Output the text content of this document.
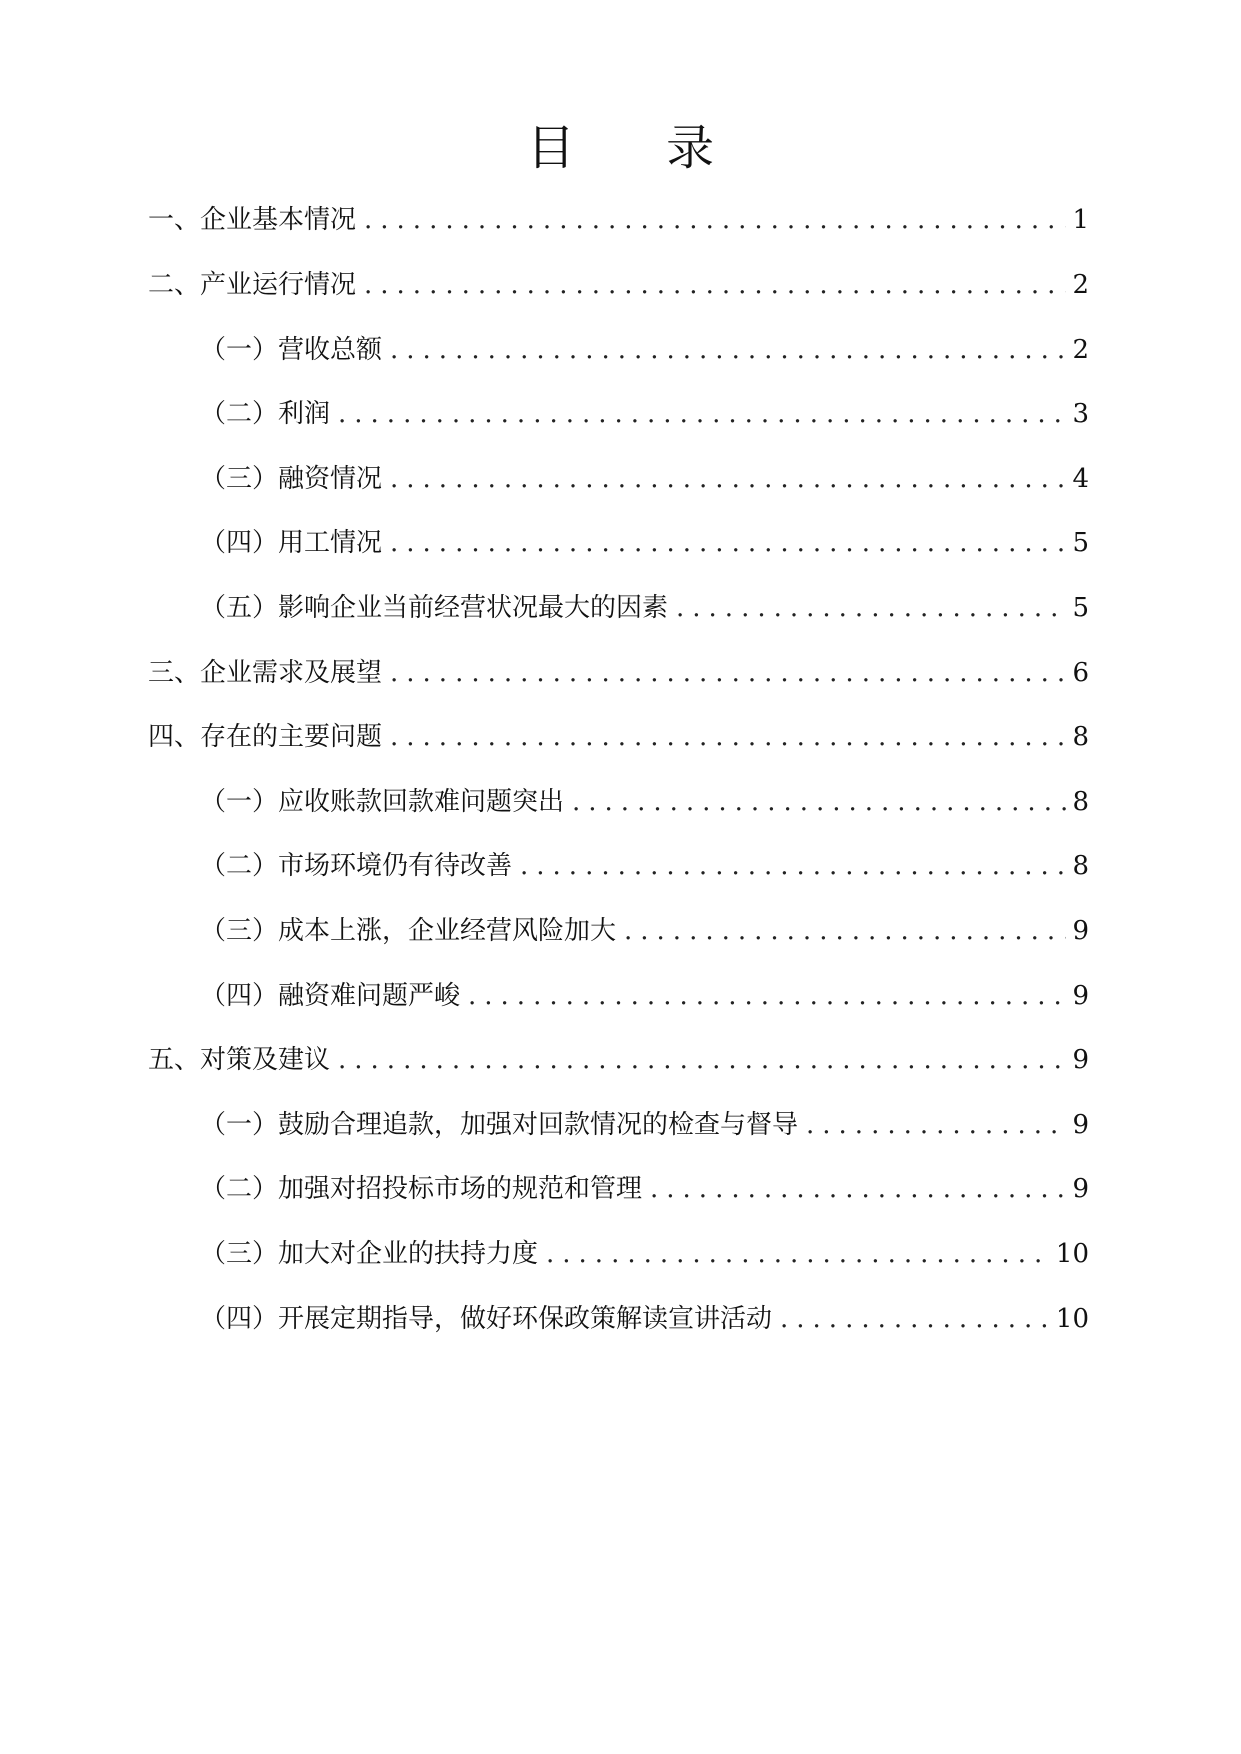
目 录
一、企业基本情况 .....	1
二、产业运行情况 .....	2
（一）营收总额 .....	2
（二）利润 .....	3
（三）融资情况 .....	4
（四）用工情况 .....	5
（五）影响企业当前经营状况最大的因素 .....	5
三、企业需求及展望 .....	6
四、存在的主要问题 .....	8
（一）应收账款回款难问题突出 .....	8
（二）市场环境仍有待改善 .....	8
（三）成本上涨，企业经营风险加大 .....	9
（四）融资难问题严峻 .....	9
五、对策及建议 .....	9
（一）鼓励合理追款，加强对回款情况的检查与督导 .....	9
（二）加强对招投标市场的规范和管理 .....	9
（三）加大对企业的扶持力度 .....	10
（四）开展定期指导，做好环保政策解读宣讲活动 .....	10
